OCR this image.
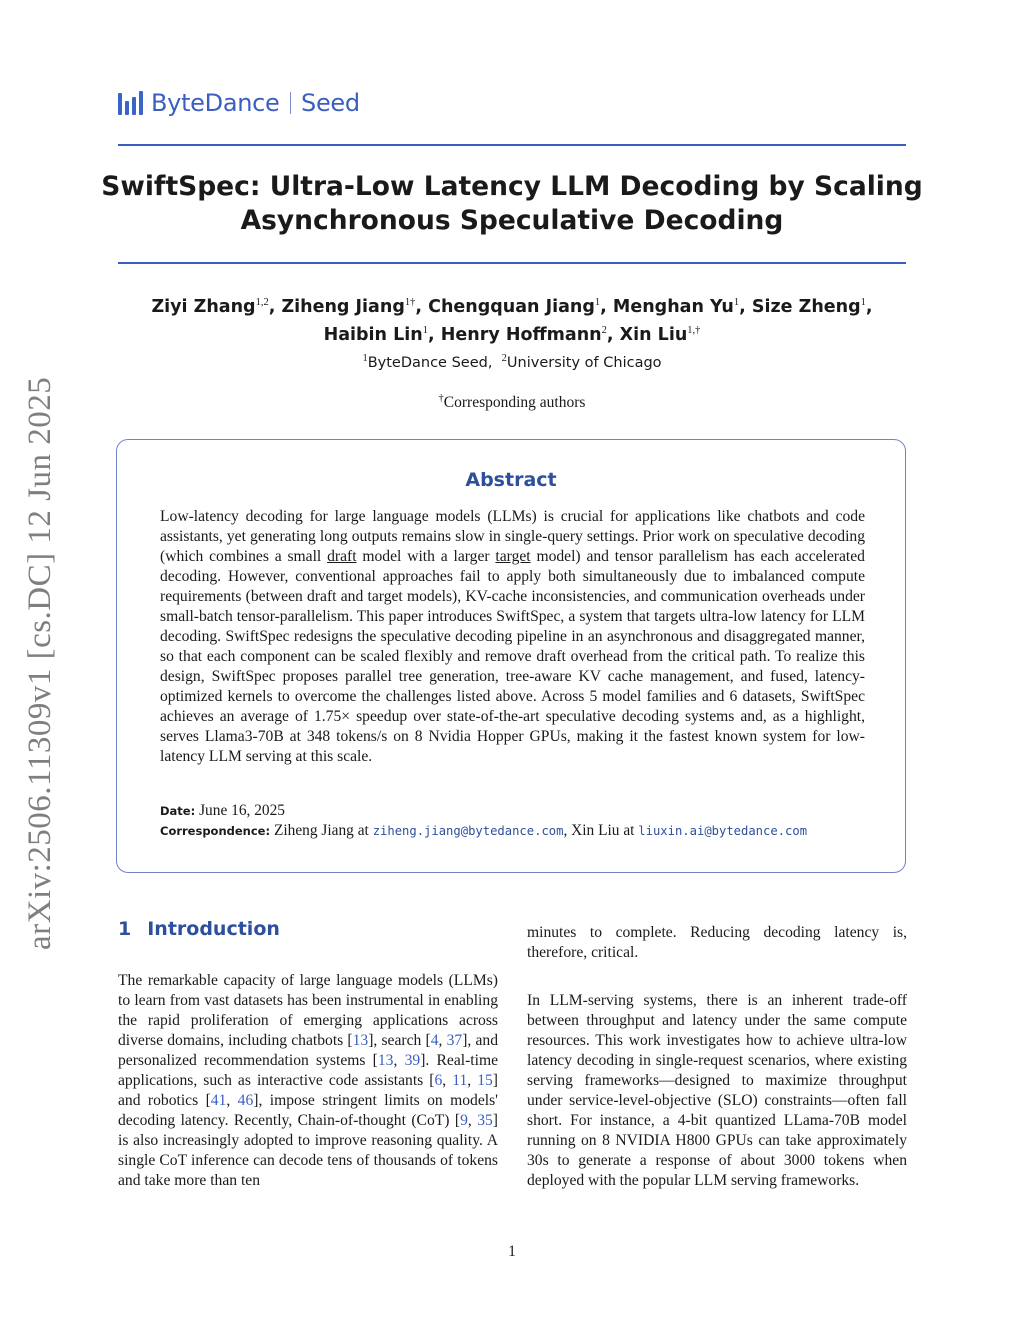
arXiv:2506.11309v1 [cs.DC] 12 Jun 2025
ByteDance Seed
SwiftSpec: Ultra-Low Latency LLM Decoding by Scaling
Asynchronous Speculative Decoding
Ziyi Zhang$^{1,2}$, Ziheng Jiang$^{1\dagger}$, Chengquan Jiang$^1$, Menghan Yu$^1$, Size Zheng$^1$,
Haibin Lin$^1$, Henry Hoffmann$^2$, Xin Liu$^{1,\dagger}$
$^1$ByteDance Seed,  $^2$University of Chicago
†Corresponding authors
Abstract

Low-latency decoding for large language models (LLMs) is crucial for applications like chatbots and code assistants, yet generating long outputs remains slow in single-query settings. Prior work on speculative decoding (which combines a small draft model with a larger target model) and tensor parallelism has each accelerated decoding. However, conventional approaches fail to apply both simultaneously due to imbalanced compute requirements (between draft and target models), KV-cache inconsistencies, and communication overheads under small-batch tensor-parallelism. This paper introduces SwiftSpec, a system that targets ultra-low latency for LLM decoding. SwiftSpec redesigns the speculative decoding pipeline in an asynchronous and disaggregated manner, so that each component can be scaled flexibly and remove draft overhead from the critical path. To realize this design, SwiftSpec proposes parallel tree generation, tree-aware KV cache management, and fused, latency-optimized kernels to overcome the challenges listed above. Across 5 model families and 6 datasets, SwiftSpec achieves an average of 1.75× speedup over state-of-the-art speculative decoding systems and, as a highlight, serves Llama3-70B at 348 tokens/s on 8 Nvidia Hopper GPUs, making it the fastest known system for low-latency LLM serving at this scale.

Date: June 16, 2025
Correspondence: Ziheng Jiang at ziheng.jiang@bytedance.com, Xin Liu at liuxin.ai@bytedance.com
1 Introduction

The remarkable capacity of large language models (LLMs) to learn from vast datasets has been instrumental in enabling the rapid proliferation of emerging applications across diverse domains, including chatbots [13], search [4, 37], and personalized recommendation systems [13, 39]. Real-time applications, such as interactive code assistants [6, 11, 15] and robotics [41, 46], impose stringent limits on models' decoding latency. Recently, Chain-of-thought (CoT) [9, 35] is also increasingly adopted to improve reasoning quality. A single CoT inference can decode tens of thousands of tokens and take more than ten

minutes to complete. Reducing decoding latency is, therefore, critical.

In LLM-serving systems, there is an inherent trade-off between throughput and latency under the same compute resources. This work investigates how to achieve ultra-low latency decoding in single-request scenarios, where existing serving frameworks—designed to maximize throughput under service-level-objective (SLO) constraints—often fall short. For instance, a 4-bit quantized LLama-70B model running on 8 NVIDIA H800 GPUs can take approximately 30s to generate a response of about 3000 tokens when deployed with the popular LLM serving frameworks.

1
